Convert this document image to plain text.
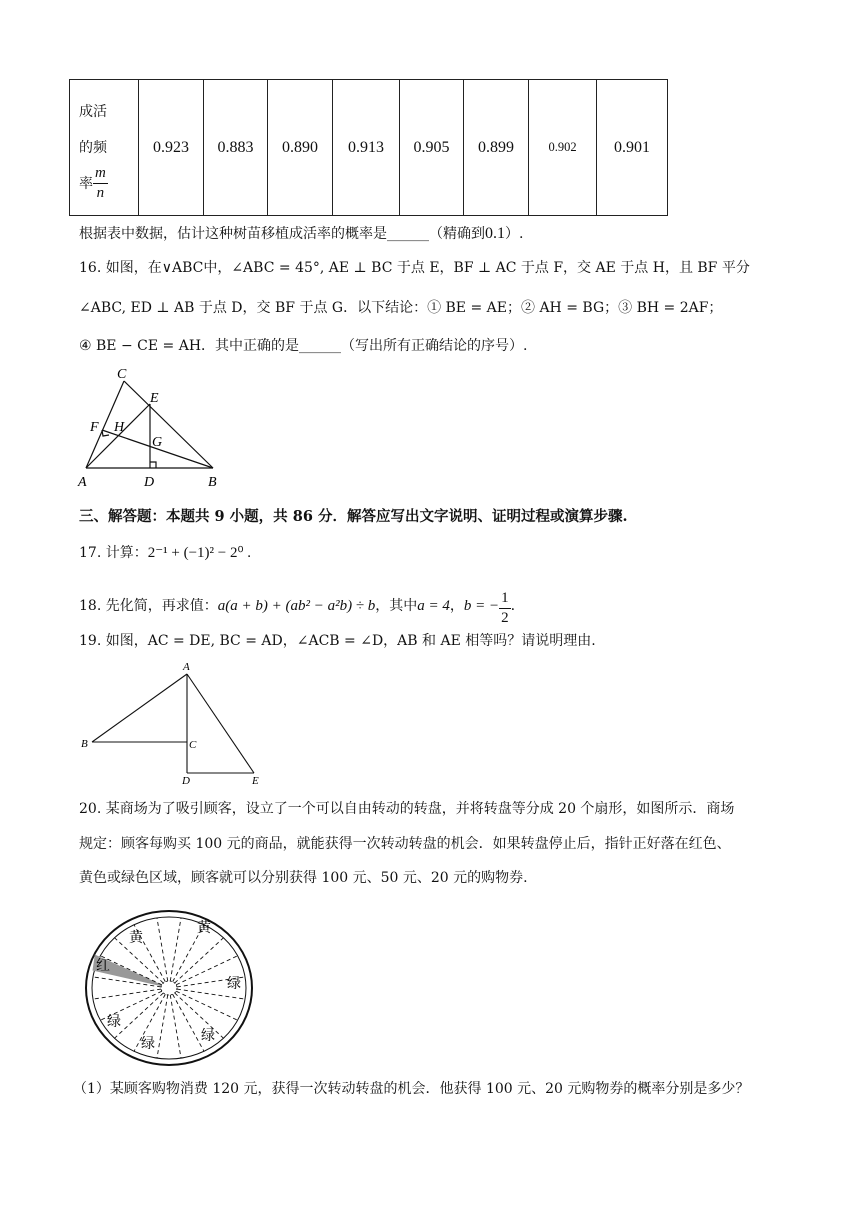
成活
的频
率 $\frac{m}{n}$
	0.923	0.883	0.890	0.913	0.905	0.899	0.902	0.901
根据表中数据，估计这种树苗移植成活率的概率是______（精确到0.1）.
16. 如图，在∨ABC中，∠ABC = 45°, AE ⊥ BC 于点 E，BF ⊥ AC 于点 F，交 AE 于点 H，且 BF 平分
∠ABC, ED ⊥ AB 于点 D，交 BF 于点 G．以下结论：① BE = AE；② AH = BG；③ BH = 2AF；
④ BE − CE = AH．其中正确的是______（写出所有正确结论的序号）.
C
E
F H
G
A	D	B
三、解答题：本题共 9 小题，共 86 分．解答应写出文字说明、证明过程或演算步骤.
17. 计算：2⁻¹ + (−1)² − 2⁰ .
18. 先化简，再求值：a(a + b) + (ab² − a²b) ÷ b，其中a = 4，b = − $\frac{1}{2}$ .
19. 如图，AC = DE, BC = AD，∠ACB = ∠D，AB 和 AE 相等吗？请说明理由.
A
B	C
D	E
20. 某商场为了吸引顾客，设立了一个可以自由转动的转盘，并将转盘等分成 20 个扇形，如图所示．商场
规定：顾客每购买 100 元的商品，就能获得一次转动转盘的机会．如果转盘停止后，指针正好落在红色、
黄色或绿色区域，顾客就可以分别获得 100 元、50 元、20 元的购物券.
黄
黄
红
绿
绿
绿
绿
（1）某顾客购物消费 120 元，获得一次转动转盘的机会．他获得 100 元、20 元购物券的概率分别是多少？
